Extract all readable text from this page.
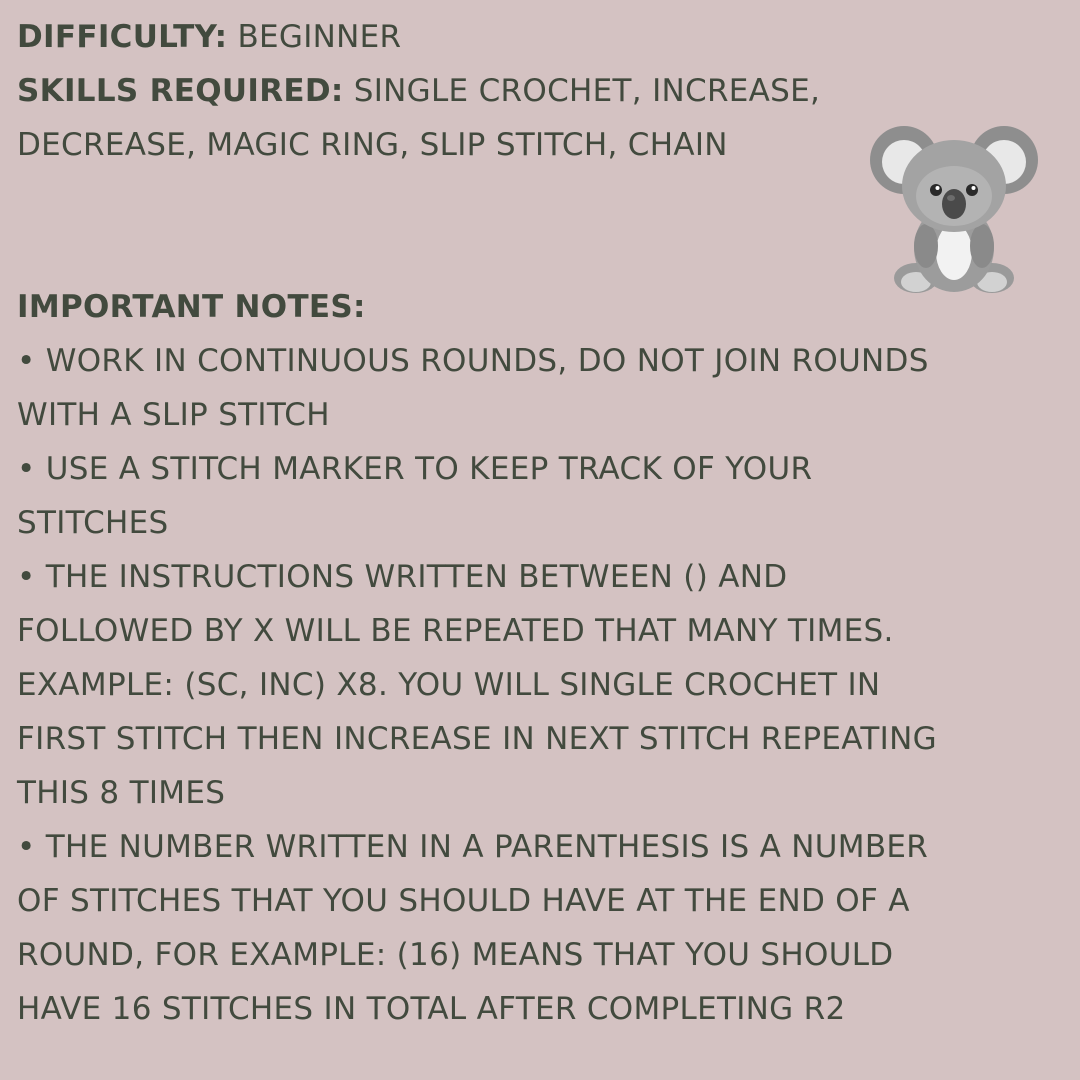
DIFFICULTY: BEGINNER
SKILLS REQUIRED: SINGLE CROCHET, INCREASE,
DECREASE, MAGIC RING, SLIP STITCH, CHAIN
IMPORTANT NOTES:
• WORK IN CONTINUOUS ROUNDS, DO NOT JOIN ROUNDS
WITH A SLIP STITCH
• USE A STITCH MARKER TO KEEP TRACK OF YOUR
STITCHES
• THE INSTRUCTIONS WRITTEN BETWEEN () AND
FOLLOWED BY X WILL BE REPEATED THAT MANY TIMES.
EXAMPLE: (SC, INC) X8. YOU WILL SINGLE CROCHET IN
FIRST STITCH THEN INCREASE IN NEXT STITCH REPEATING
THIS 8 TIMES
• THE NUMBER WRITTEN IN A PARENTHESIS IS A NUMBER
OF STITCHES THAT YOU SHOULD HAVE AT THE END OF A
ROUND, FOR EXAMPLE: (16) MEANS THAT YOU SHOULD
HAVE 16 STITCHES IN TOTAL AFTER COMPLETING R2
